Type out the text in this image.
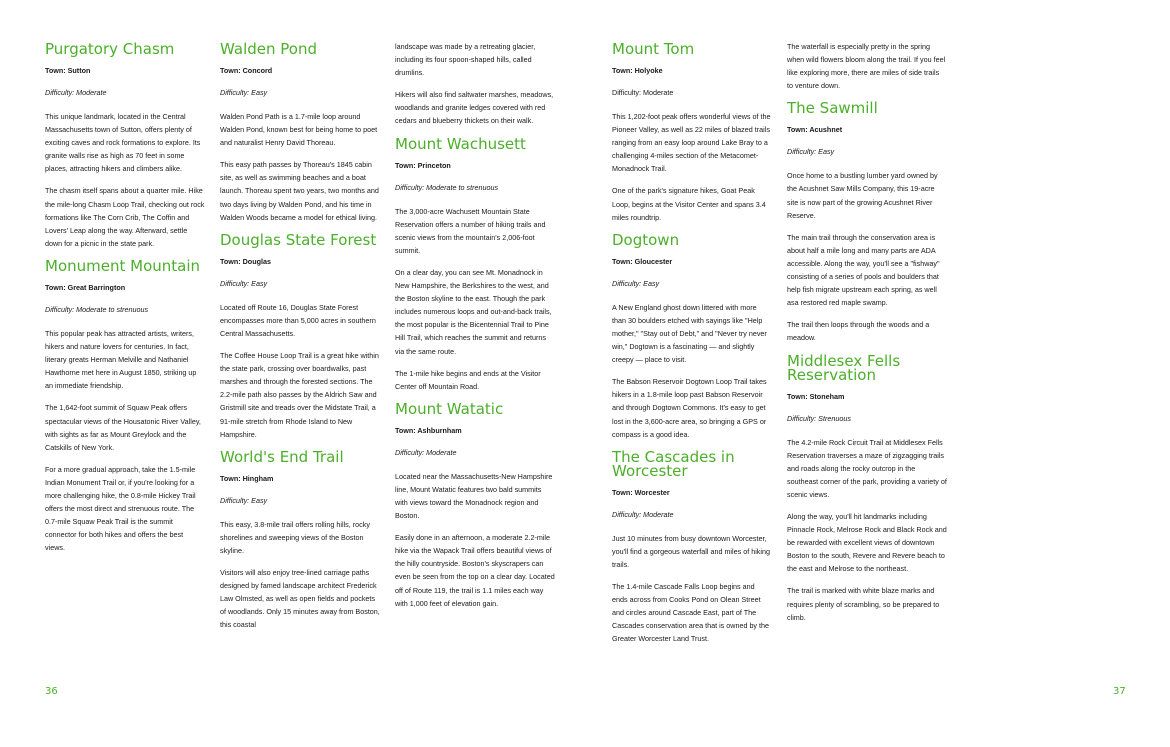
Purgatory Chasm
Town: Sutton
Difficulty: Moderate

This unique landmark, located in the Central Massachusetts town of Sutton, offers plenty of exciting caves and rock formations to explore. Its granite walls rise as high as 70 feet in some places, attracting hikers and climbers alike.

The chasm itself spans about a quarter mile. Hike the mile-long Chasm Loop Trail, checking out rock formations like The Corn Crib, The Coffin and Lovers' Leap along the way. Afterward, settle down for a picnic in the state park.

Monument Mountain
Town: Great Barrington
Difficulty: Moderate to strenuous

This popular peak has attracted artists, writers, hikers and nature lovers for centuries. In fact, literary greats Herman Melville and Nathaniel Hawthorne met here in August 1850, striking up an immediate friendship.

The 1,642-foot summit of Squaw Peak offers spectacular views of the Housatonic River Valley, with sights as far as Mount Greylock and the Catskills of New York.

For a more gradual approach, take the 1.5-mile Indian Monument Trail or, if you're looking for a more challenging hike, the 0.8-mile Hickey Trail offers the most direct and strenuous route. The 0.7-mile Squaw Peak Trail is the summit connector for both hikes and offers the best views.

Walden Pond
Town: Concord
Difficulty: Easy

Walden Pond Path is a 1.7-mile loop around Walden Pond, known best for being home to poet and naturalist Henry David Thoreau.

This easy path passes by Thoreau's 1845 cabin site, as well as swimming beaches and a boat launch. Thoreau spent two years, two months and two days living by Walden Pond, and his time in Walden Woods became a model for ethical living.

Douglas State Forest
Town: Douglas
Difficulty: Easy

Located off Route 16, Douglas State Forest encompasses more than 5,000 acres in southern Central Massachusetts.

The Coffee House Loop Trail is a great hike within the state park, crossing over boardwalks, past marshes and through the forested sections. The 2.2-mile path also passes by the Aldrich Saw and Gristmill site and treads over the Midstate Trail, a 91-mile stretch from Rhode Island to New Hampshire.

World's End Trail
Town: Hingham
Difficulty: Easy

This easy, 3.8-mile trail offers rolling hills, rocky shorelines and sweeping views of the Boston skyline.

Visitors will also enjoy tree-lined carriage paths designed by famed landscape architect Frederick Law Olmsted, as well as open fields and pockets of woodlands. Only 15 minutes away from Boston, this coastal

landscape was made by a retreating glacier, including its four spoon-shaped hills, called drumlins.

Hikers will also find saltwater marshes, meadows, woodlands and granite ledges covered with red cedars and blueberry thickets on their walk.

Mount Wachusett
Town: Princeton
Difficulty: Moderate to strenuous

The 3,000-acre Wachusett Mountain State Reservation offers a number of hiking trails and scenic views from the mountain's 2,006-foot summit.

On a clear day, you can see Mt. Monadnock in New Hampshire, the Berkshires to the west, and the Boston skyline to the east. Though the park includes numerous loops and out-and-back trails, the most popular is the Bicentennial Trail to Pine Hill Trail, which reaches the summit and returns via the same route.

The 1-mile hike begins and ends at the Visitor Center off Mountain Road.

Mount Watatic
Town: Ashburnham
Difficulty: Moderate

Located near the Massachusetts-New Hampshire line, Mount Watatic features two bald summits with views toward the Monadnock region and Boston.

Easily done in an afternoon, a moderate 2.2-mile hike via the Wapack Trail offers beautiful views of the hilly countryside. Boston's skyscrapers can even be seen from the top on a clear day. Located off of Route 119, the trail is 1.1 miles each way with 1,000 feet of elevation gain.

36
Mount Tom
Town: Holyoke
Difficulty: Moderate

This 1,202-foot peak offers wonderful views of the Pioneer Valley, as well as 22 miles of blazed trails ranging from an easy loop around Lake Bray to a challenging 4-miles section of the Metacomet-Monadnock Trail.

One of the park's signature hikes, Goat Peak Loop, begins at the Visitor Center and spans 3.4 miles roundtrip.

Dogtown
Town: Gloucester
Difficulty: Easy

A New England ghost down littered with more than 30 boulders etched with sayings like "Help mother," "Stay out of Debt," and "Never try never win," Dogtown is a fascinating — and slightly creepy — place to visit.

The Babson Reservoir Dogtown Loop Trail takes hikers in a 1.8-mile loop past Babson Reservoir and through Dogtown Commons. It's easy to get lost in the 3,600-acre area, so bringing a GPS or compass is a good idea.

The Cascades in Worcester
Town: Worcester
Difficulty: Moderate

Just 10 minutes from busy downtown Worcester, you'll find a gorgeous waterfall and miles of hiking trails.

The 1.4-mile Cascade Falls Loop begins and ends across from Cooks Pond on Olean Street and circles around Cascade East, part of The Cascades conservation area that is owned by the Greater Worcester Land Trust.

The waterfall is especially pretty in the spring when wild flowers bloom along the trail. If you feel like exploring more, there are miles of side trails to venture down.

The Sawmill
Town: Acushnet
Difficulty: Easy

Once home to a bustling lumber yard owned by the Acushnet Saw Mills Company, this 19-acre site is now part of the growing Acushnet River Reserve.

The main trail through the conservation area is about half a mile long and many parts are ADA accessible. Along the way, you'll see a "fishway" consisting of a series of pools and boulders that help fish migrate upstream each spring, as well asa restored red maple swamp.

The trail then loops through the woods and a meadow.

Middlesex Fells Reservation
Town: Stoneham
Difficulty: Strenuous

The 4.2-mile Rock Circuit Trail at Middlesex Fells Reservation traverses a maze of zigzagging trails and roads along the rocky outcrop in the southeast corner of the park, providing a variety of scenic views.

Along the way, you'll hit landmarks including Pinnacle Rock, Melrose Rock and Black Rock and be rewarded with excellent views of downtown Boston to the south, Revere and Revere beach to the east and Melrose to the northeast.

The trail is marked with white blaze marks and requires plenty of scrambling, so be prepared to climb.

37
